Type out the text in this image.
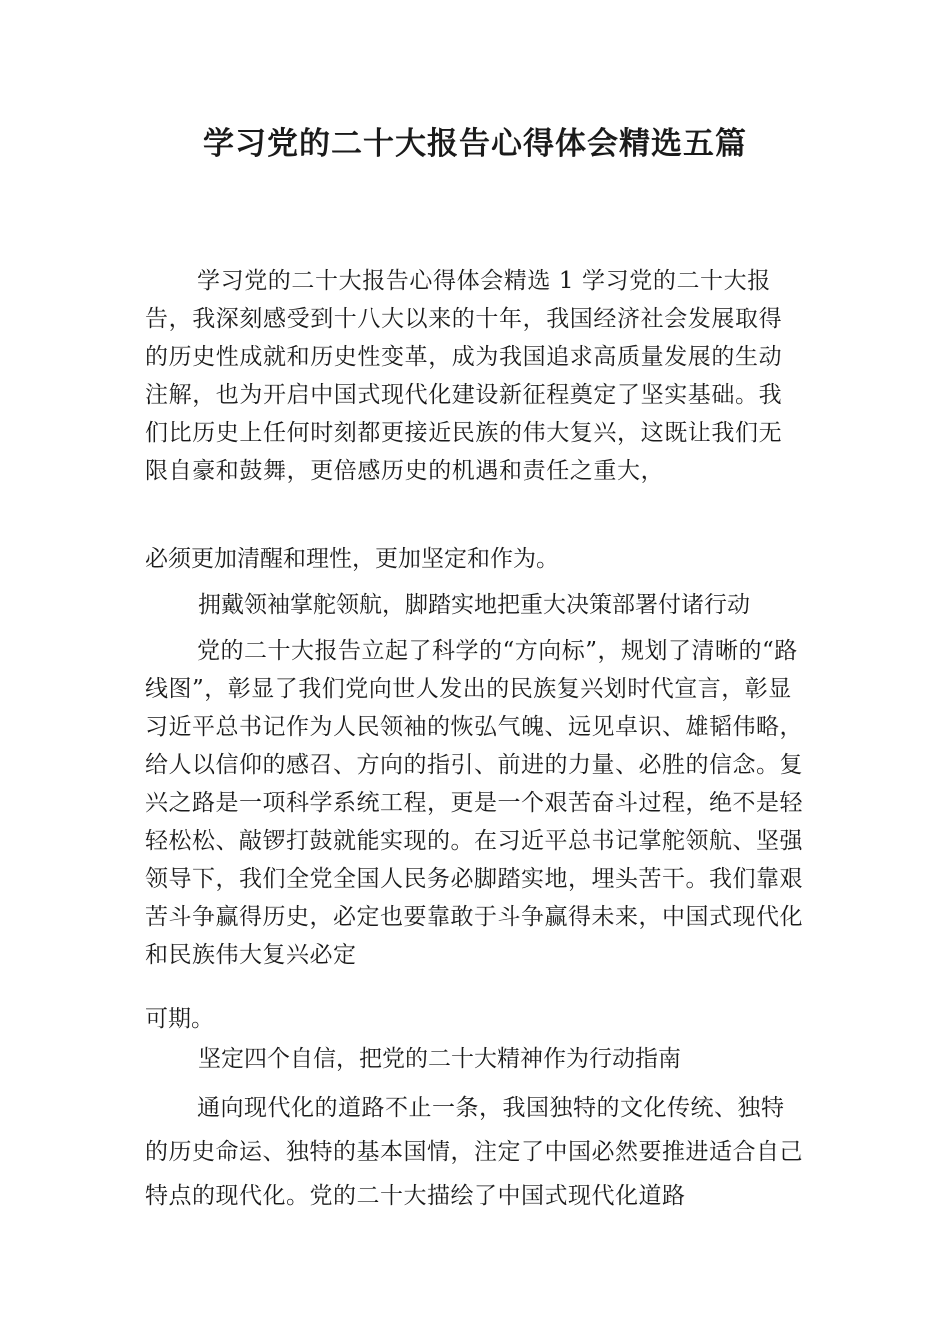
学习党的二十大报告心得体会精选五篇

学习党的二十大报告心得体会精选 1 学习党的二十大报告，我深刻感受到十八大以来的十年，我国经济社会发展取得的历史性成就和历史性变革，成为我国追求高质量发展的生动注解，也为开启中国式现代化建设新征程奠定了坚实基础。我们比历史上任何时刻都更接近民族的伟大复兴，这既让我们无限自豪和鼓舞，更倍感历史的机遇和责任之重大，

必须更加清醒和理性，更加坚定和作为。

拥戴领袖掌舵领航，脚踏实地把重大决策部署付诸行动

党的二十大报告立起了科学的“方向标”，规划了清晰的“路线图”，彰显了我们党向世人发出的民族复兴划时代宣言，彰显习近平总书记作为人民领袖的恢弘气魄、远见卓识、雄韬伟略，给人以信仰的感召、方向的指引、前进的力量、必胜的信念。复兴之路是一项科学系统工程，更是一个艰苦奋斗过程，绝不是轻轻松松、敲锣打鼓就能实现的。在习近平总书记掌舵领航、坚强领导下，我们全党全国人民务必脚踏实地，埋头苦干。我们靠艰苦斗争赢得历史，必定也要靠敢于斗争赢得未来，中国式现代化和民族伟大复兴必定

可期。

坚定四个自信，把党的二十大精神作为行动指南

通向现代化的道路不止一条，我国独特的文化传统、独特的历史命运、独特的基本国情，注定了中国必然要推进适合自己特点的现代化。党的二十大描绘了中国式现代化道路
